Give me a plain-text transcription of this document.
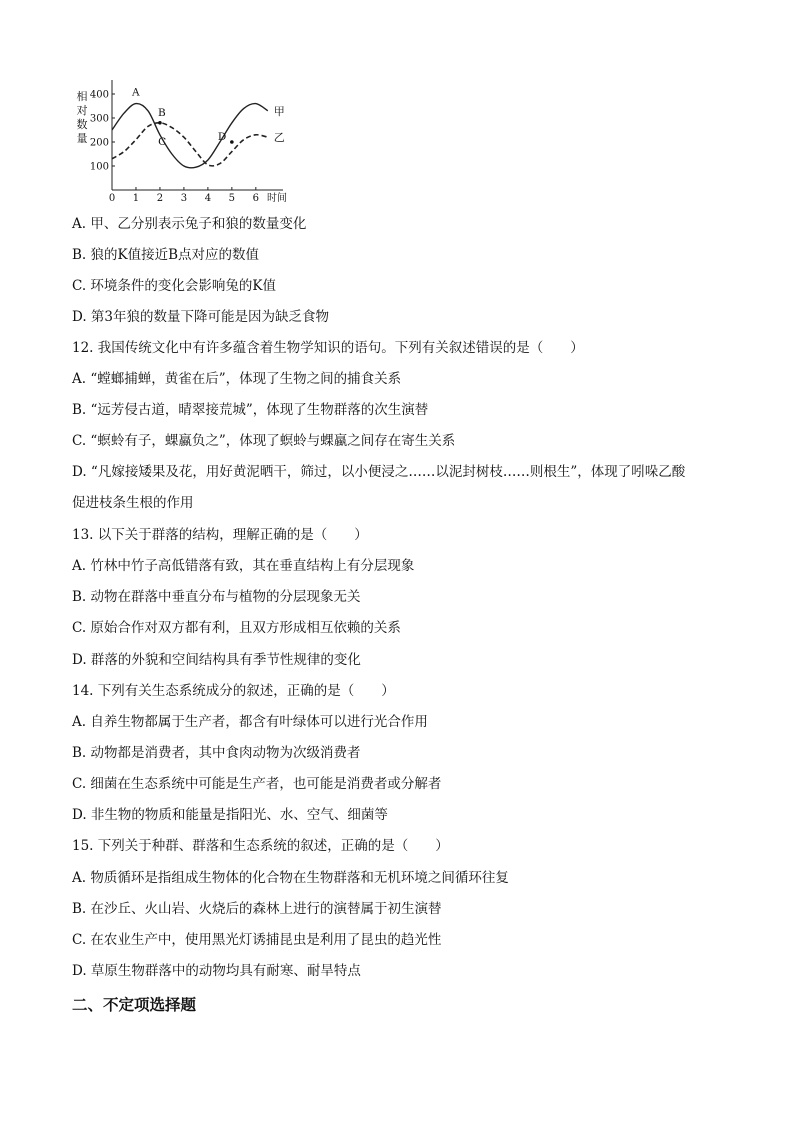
100
200
300
400
0 1 2 3 4 5 6 时间
相
对
数
量
甲
乙
A
B
C	D
A. 甲、乙分别表示兔子和狼的数量变化
B. 狼的K值接近B点对应的数值
C. 环境条件的变化会影响兔的K值
D. 第3年狼的数量下降可能是因为缺乏食物
12. 我国传统文化中有许多蕴含着生物学知识的语句。下列有关叙述错误的是（　　）
A. “螳螂捕蝉，黄雀在后”，体现了生物之间的捕食关系
B. “远芳侵古道，晴翠接荒城”，体现了生物群落的次生演替
C. “螟蛉有子，蜾蠃负之”，体现了螟蛉与蜾蠃之间存在寄生关系
D. “凡嫁接矮果及花，用好黄泥晒干，筛过，以小便浸之……以泥封树枝……则根生”，体现了吲哚乙酸
促进枝条生根的作用
13. 以下关于群落的结构，理解正确的是（　　）
A. 竹林中竹子高低错落有致，其在垂直结构上有分层现象
B. 动物在群落中垂直分布与植物的分层现象无关
C. 原始合作对双方都有利，且双方形成相互依赖的关系
D. 群落的外貌和空间结构具有季节性规律的变化
14. 下列有关生态系统成分的叙述，正确的是（　　）
A. 自养生物都属于生产者，都含有叶绿体可以进行光合作用
B. 动物都是消费者，其中食肉动物为次级消费者
C. 细菌在生态系统中可能是生产者，也可能是消费者或分解者
D. 非生物的物质和能量是指阳光、水、空气、细菌等
15. 下列关于种群、群落和生态系统的叙述，正确的是（　　）
A. 物质循环是指组成生物体的化合物在生物群落和无机环境之间循环往复
B. 在沙丘、火山岩、火烧后的森林上进行的演替属于初生演替
C. 在农业生产中，使用黑光灯诱捕昆虫是利用了昆虫的趋光性
D. 草原生物群落中的动物均具有耐寒、耐旱特点
二、不定项选择题
